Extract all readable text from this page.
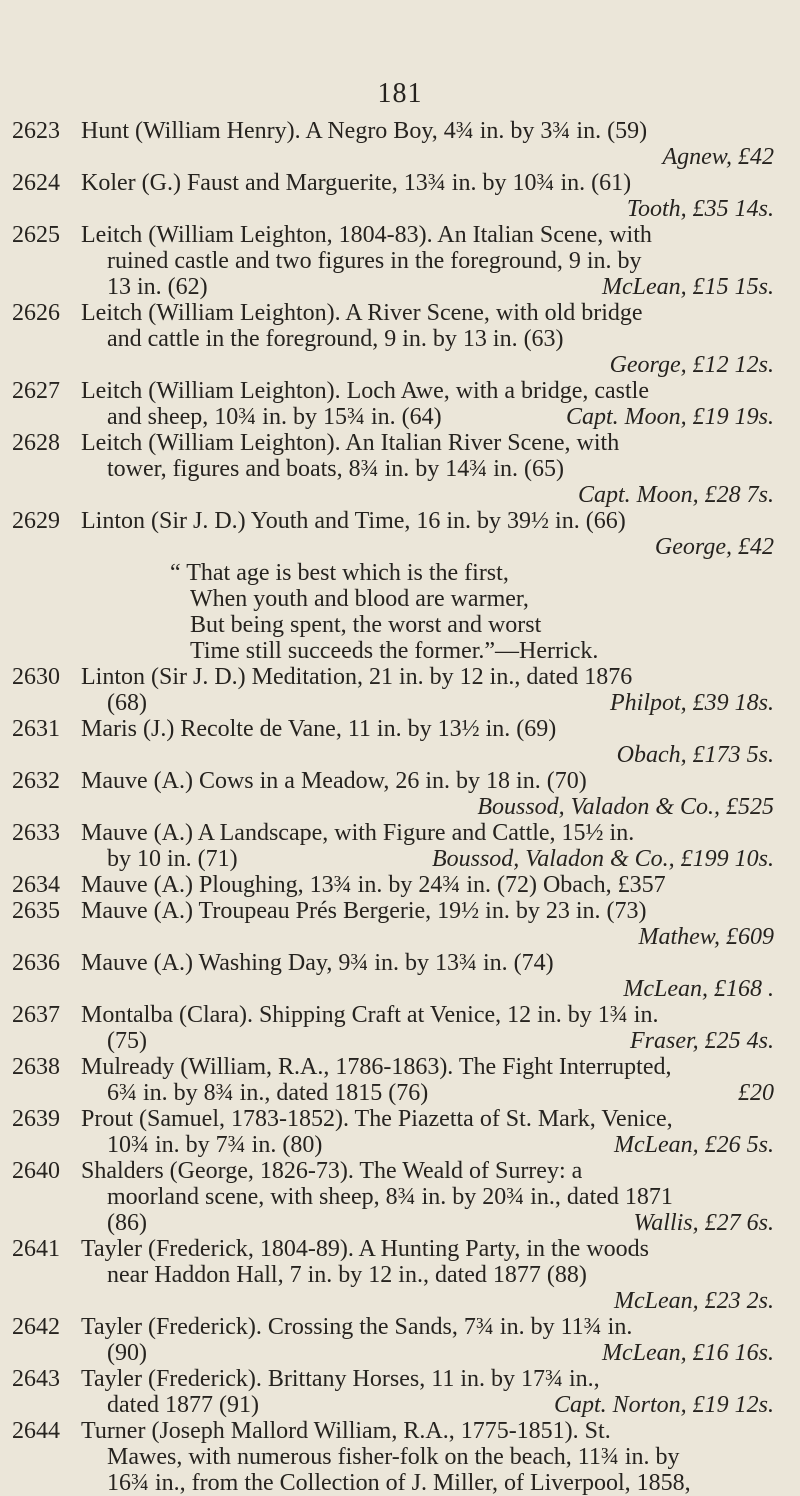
181
2623 Hunt (William Henry). A Negro Boy, 4¾ in. by 3¾ in. (59)
Agnew, £42
2624 Koler (G.) Faust and Marguerite, 13¾ in. by 10¾ in. (61)
Tooth, £35 14s.
2625 Leitch (William Leighton, 1804-83). An Italian Scene, with
ruined castle and two figures in the foreground, 9 in. by
13 in. (62)	McLean, £15 15s.
2626 Leitch (William Leighton). A River Scene, with old bridge
and cattle in the foreground, 9 in. by 13 in. (63)
George, £12 12s.
2627 Leitch (William Leighton). Loch Awe, with a bridge, castle
and sheep, 10¾ in. by 15¾ in. (64)	Capt. Moon, £19 19s.
2628 Leitch (William Leighton). An Italian River Scene, with
tower, figures and boats, 8¾ in. by 14¾ in. (65)
Capt. Moon, £28 7s.
2629 Linton (Sir J. D.) Youth and Time, 16 in. by 39½ in. (66)
George, £42
“ That age is best which is the first,
When youth and blood are warmer,
But being spent, the worst and worst
Time still succeeds the former.”—Herrick.
2630 Linton (Sir J. D.) Meditation, 21 in. by 12 in., dated 1876
(68)	Philpot, £39 18s.
2631 Maris (J.) Recolte de Vane, 11 in. by 13½ in. (69)
Obach, £173 5s.
2632 Mauve (A.) Cows in a Meadow, 26 in. by 18 in. (70)
Boussod, Valadon & Co., £525
2633 Mauve (A.) A Landscape, with Figure and Cattle, 15½ in.
by 10 in. (71)	Boussod, Valadon & Co., £199 10s.
2634 Mauve (A.) Ploughing, 13¾ in. by 24¾ in. (72) Obach, £357
2635 Mauve (A.) Troupeau Prés Bergerie, 19½ in. by 23 in. (73)
Mathew, £609
2636 Mauve (A.) Washing Day, 9¾ in. by 13¾ in. (74)
McLean, £168 .
2637 Montalba (Clara). Shipping Craft at Venice, 12 in. by 1¾ in.
(75)	Fraser, £25 4s.
2638 Mulready (William, R.A., 1786-1863). The Fight Interrupted,
6¾ in. by 8¾ in., dated 1815 (76)	£20
2639 Prout (Samuel, 1783-1852). The Piazetta of St. Mark, Venice,
10¾ in. by 7¾ in. (80)	McLean, £26 5s.
2640 Shalders (George, 1826-73). The Weald of Surrey: a
moorland scene, with sheep, 8¾ in. by 20¾ in., dated 1871
(86)	Wallis, £27 6s.
2641 Tayler (Frederick, 1804-89). A Hunting Party, in the woods
near Haddon Hall, 7 in. by 12 in., dated 1877 (88)
McLean, £23 2s.
2642 Tayler (Frederick). Crossing the Sands, 7¾ in. by 11¾ in.
(90)	McLean, £16 16s.
2643 Tayler (Frederick). Brittany Horses, 11 in. by 17¾ in.,
dated 1877 (91)	Capt. Norton, £19 12s.
2644 Turner (Joseph Mallord William, R.A., 1775-1851). St.
Mawes, with numerous fisher-folk on the beach, 11¾ in. by
16¾ in., from the Collection of J. Miller, of Liverpool, 1858,
